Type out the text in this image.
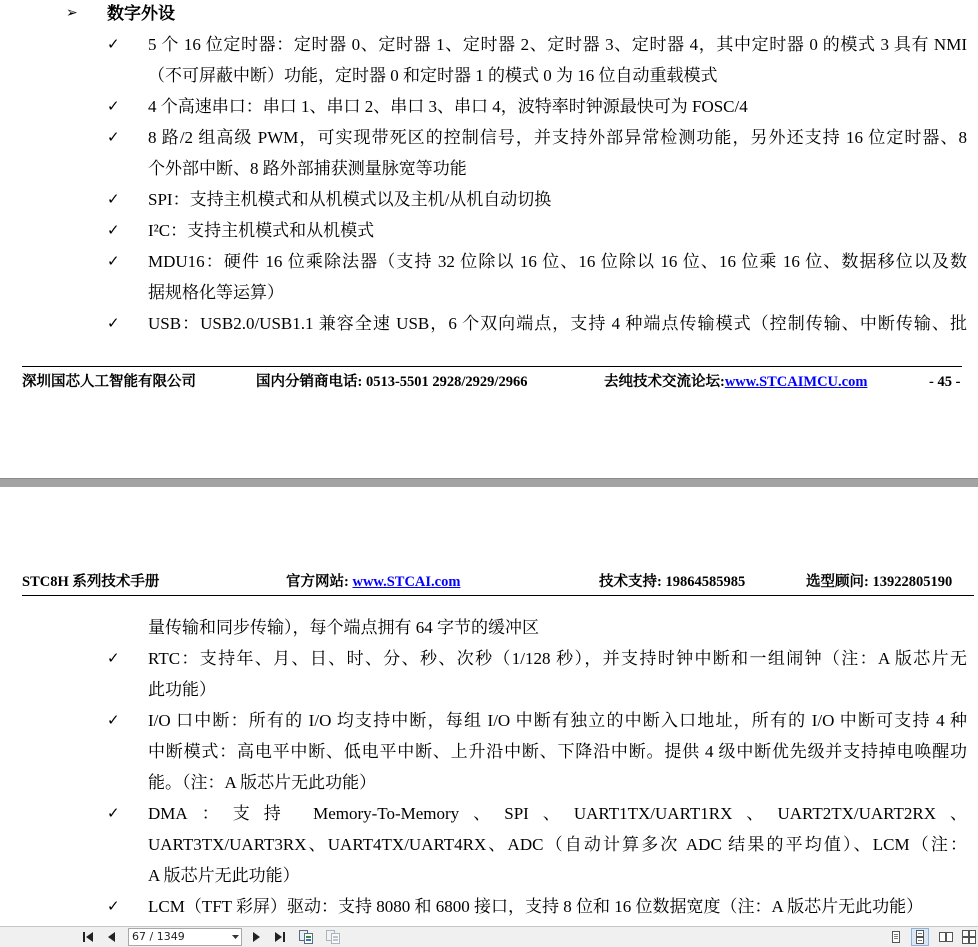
➢ 数字外设
✓ 5 个 16 位定时器：定时器 0、定时器 1、定时器 2、定时器 3、定时器 4，其中定时器 0 的模式 3 具有 NMI
（不可屏蔽中断）功能，定时器 0 和定时器 1 的模式 0 为 16 位自动重载模式
✓ 4 个高速串口：串口 1、串口 2、串口 3、串口 4，波特率时钟源最快可为 FOSC/4
✓ 8 路/2 组高级 PWM，可实现带死区的控制信号，并支持外部异常检测功能，另外还支持 16 位定时器、8
个外部中断、8 路外部捕获测量脉宽等功能
✓ SPI：支持主机模式和从机模式以及主机/从机自动切换
✓ I²C：支持主机模式和从机模式
✓ MDU16：硬件 16 位乘除法器（支持 32 位除以 16 位、16 位除以 16 位、16 位乘 16 位、数据移位以及数
据规格化等运算）
✓ USB：USB2.0/USB1.1 兼容全速 USB，6 个双向端点，支持 4 种端点传输模式（控制传输、中断传输、批
深圳国芯人工智能有限公司	国内分销商电话: 0513-5501 2928/2929/2966	去纯技术交流论坛:www.STCAIMCU.com	- 45 -
STC8H 系列技术手册	官方网站: www.STCAI.com	技术支持: 19864585985	选型顾问: 13922805190
量传输和同步传输），每个端点拥有 64 字节的缓冲区
✓ RTC：支持年、月、日、时、分、秒、次秒（1/128 秒），并支持时钟中断和一组闹钟（注：A 版芯片无
此功能）
✓ I/O 口中断：所有的 I/O 均支持中断，每组 I/O 中断有独立的中断入口地址，所有的 I/O 中断可支持 4 种
中断模式：高电平中断、低电平中断、上升沿中断、下降沿中断。提供 4 级中断优先级并支持掉电唤醒功
能。（注：A 版芯片无此功能）
✓ DMA：支持 Memory-To-Memory、SPI、UART1TX/UART1RX、UART2TX/UART2RX、
UART3TX/UART3RX、UART4TX/UART4RX、ADC（自动计算多次 ADC 结果的平均值）、LCM（注：
A 版芯片无此功能）
✓ LCM（TFT 彩屏）驱动：支持 8080 和 6800 接口，支持 8 位和 16 位数据宽度（注：A 版芯片无此功能）
67 / 1349
